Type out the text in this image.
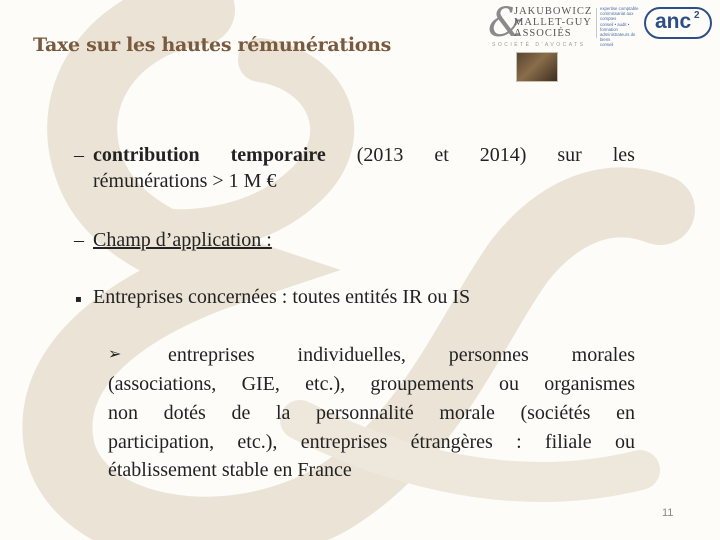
Taxe sur les hautes rémunérations &
JAKUBOWICZ
MALLET-GUY
ASSOCIÉS
SOCIÉTÉ D'AVOCATS
expertise comptable
commissariat aux comptes
conseil • audit • formation
administrateurs de biens
conseil
anc 2
– contribution temporaire (2013 et 2014) sur les
rémunérations > 1 M €
– Champ d’application :
▪ Entreprises concernées : toutes entités IR ou IS
➢ entreprises individuelles, personnes morales
(associations, GIE, etc.), groupements ou organismes
non dotés de la personnalité morale (sociétés en
participation, etc.), entreprises étrangères : filiale ou
établissement stable en France
11
